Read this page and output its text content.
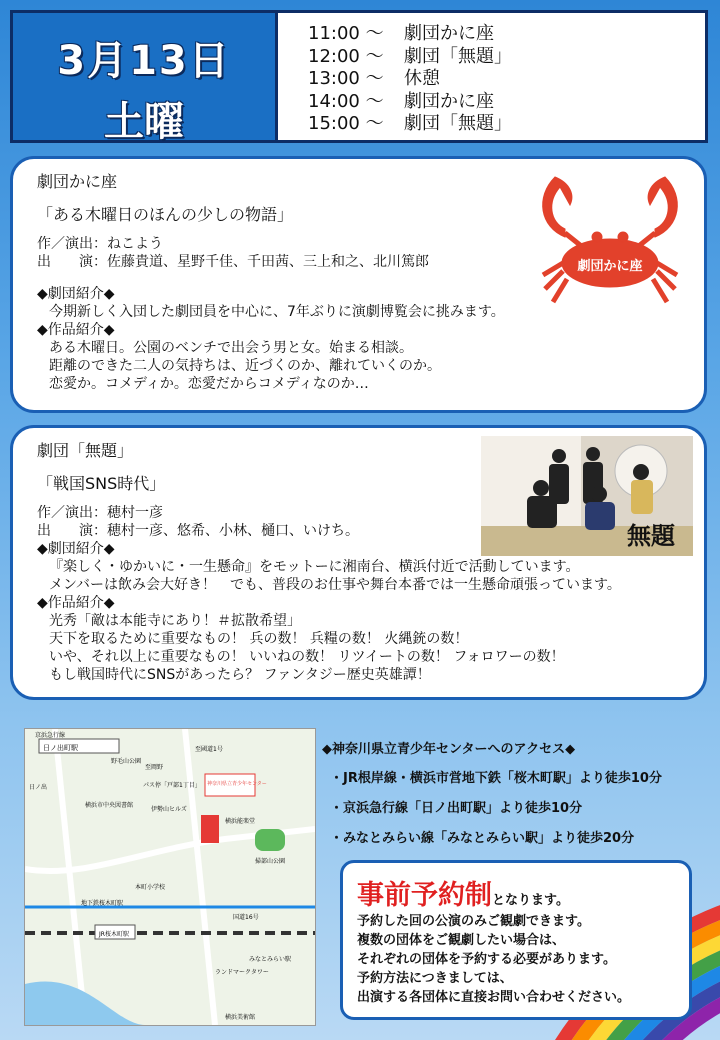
3月13日
土曜
11:00 〜 劇団かに座
12:00 〜 劇団「無題」
13:00 〜 休憩
14:00 〜 劇団かに座
15:00 〜 劇団「無題」
劇団かに座
「ある木曜日のほんの少しの物語」
作／演出：ねこよう
出　　演：佐藤貴道、星野千佳、千田茜、三上和之、北川篤郎
◆劇団紹介◆
今期新しく入団した劇団員を中心に、7年ぶりに演劇博覧会に挑みます。
◆作品紹介◆
ある木曜日。公園のベンチで出会う男と女。始まる相談。
距離のできた二人の気持ちは、近づくのか、離れていくのか。
恋愛か。コメディか。恋愛だからコメディなのか…
劇団かに座
劇団「無題」
「戦国SNS時代」
作／演出：穂村一彦
出　　演：穂村一彦、悠希、小林、樋口、いけち。
◆劇団紹介◆
『楽しく・ゆかいに・一生懸命』をモットーに湘南台、横浜付近で活動しています。
メンバーは飲み会大好き！　でも、普段のお仕事や舞台本番では一生懸命頑張っています。
◆作品紹介◆
光秀「敵は本能寺にあり！＃拡散希望」
天下を取るために重要なもの！ 兵の数！ 兵糧の数！ 火縄銃の数！
いや、それ以上に重要なもの！ いいねの数！ リツイートの数！ フォロワーの数！
もし戦国時代にSNSがあったら？ ファンタジー歴史英雄譚！
無題
日ノ出町駅
京浜急行線
日ノ出
野毛山公園
パス停「戸部1丁目」
至岡野
至國道1号
伊勢山ヒルズ
神奈川県立青少年センター
横浜能楽堂
掃部山公園
横浜市中央図書館
本町小学校
地下鉄桜木町駅
JR桜木町駅
国道16号
ランドマークタワー
みなとみらい駅
横浜美術館
◆神奈川県立青少年センターへのアクセス◆
・JR根岸線・横浜市営地下鉄「桜木町駅」より徒歩10分
・京浜急行線「日ノ出町駅」より徒歩10分
・みなとみらい線「みなとみらい駅」より徒歩20分
事前予約制となります。
予約した回の公演のみご観劇できます。
複数の団体をご観劇したい場合は、
それぞれの団体を予約する必要があります。
予約方法につきましては、
出演する各団体に直接お問い合わせください。
